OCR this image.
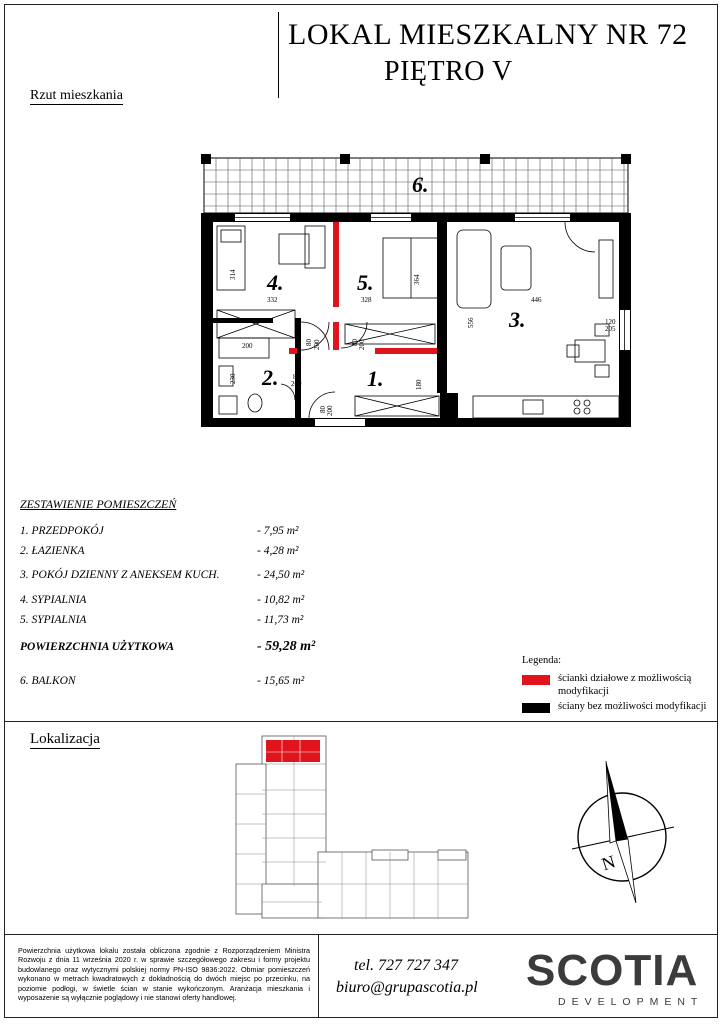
LOKAL MIESZKALNY NR 72
PIĘTRO V
Rzut mieszkania
1.
2.
3.
4.	5.
6.
314
332	328
364
556
446
200
230
180
80 200	80 200
80
200
80 200
120
205
ZESTAWIENIE POMIESZCZEŃ
1. PRZEDPOKÓJ	- 7,95 m²
2. ŁAZIENKA	- 4,28 m²
3. POKÓJ DZIENNY Z ANEKSEM KUCH.	- 24,50 m²
4. SYPIALNIA	- 10,82 m²
5. SYPIALNIA	- 11,73 m²
POWIERZCHNIA UŻYTKOWA	- 59,28 m²
6. BALKON	- 15,65 m²
Legenda:
ścianki działowe z możliwością
modyfikacji
ściany bez możliwości modyfikacji
Lokalizacja
N
Powierzchnia użytkowa lokalu została obliczona zgodnie z Rozporządzeniem Ministra Rozwoju z dnia 11 września 2020 r. w sprawie szczegółowego zakresu i formy projektu budowlanego oraz wytycznymi polskiej normy PN-ISO 9836:2022. Obmiar pomieszczeń wykonano w metrach kwadratowych z dokładnością do dwóch miejsc po przecinku, na poziomie podłogi, w świetle ścian w stanie wykończonym. Aranżacja mieszkania i wyposażenie są wyłącznie poglądowy i nie stanowi oferty handlowej.
tel. 727 727 347
biuro@grupascotia.pl SCOTIA
DEVELOPMENT
